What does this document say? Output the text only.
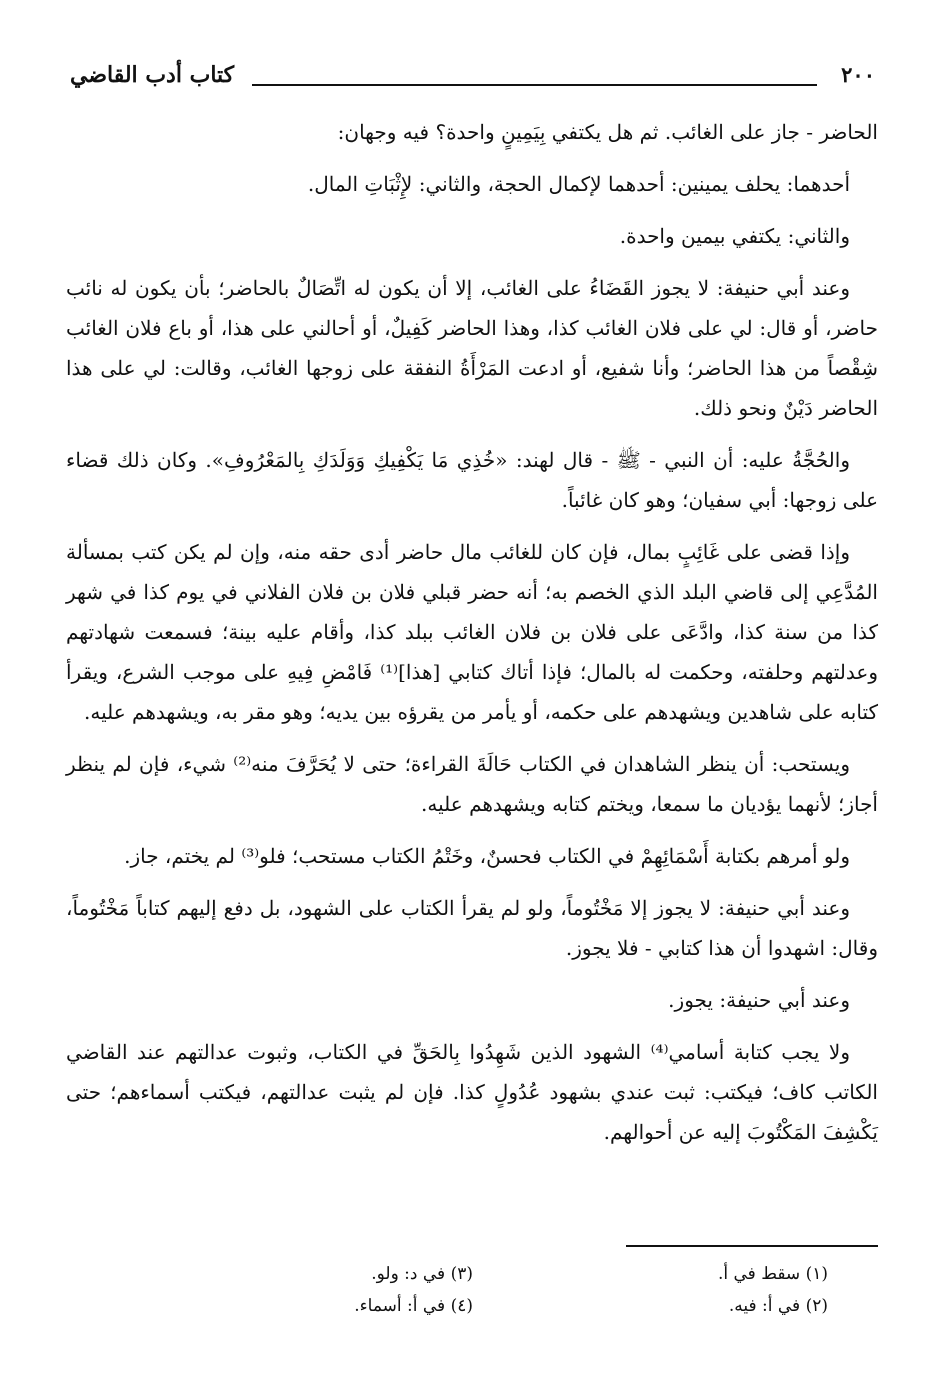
٢٠٠
كتاب أدب القاضي

الحاضر - جاز على الغائب. ثم هل يكتفي بِيَمِينٍ واحدة؟ فيه وجهان:

أحدهما: يحلف يمينين: أحدهما لإكمال الحجة، والثاني: لإِثْبَاتِ المال.

والثاني: يكتفي بيمين واحدة.

وعند أبي حنيفة: لا يجوز القَضَاءُ على الغائب، إلا أن يكون له اتِّصَالٌ بالحاضر؛ بأن يكون له نائب حاضر، أو قال: لي على فلان الغائب كذا، وهذا الحاضر كَفِيلٌ، أو أحالني على هذا، أو باع فلان الغائب شِقْصاً من هذا الحاضر؛ وأنا شفيع، أو ادعت المَرْأَةُ النفقة على زوجها الغائب، وقالت: لي على هذا الحاضر دَيْنٌ ونحو ذلك.

والحُجَّةُ عليه: أن النبي - ﷺ - قال لهند: «خُذِي مَا يَكْفِيكِ وَوَلَدَكِ بِالمَعْرُوفِ». وكان ذلك قضاء على زوجها: أبي سفيان؛ وهو كان غائباً.

وإذا قضى على غَائِبٍ بمال، فإن كان للغائب مال حاضر أدى حقه منه، وإن لم يكن كتب بمسألة المُدَّعِي إلى قاضي البلد الذي الخصم به؛ أنه حضر قبلي فلان بن فلان الفلاني في يوم كذا في شهر كذا من سنة كذا، وادَّعَى على فلان بن فلان الغائب ببلد كذا، وأقام عليه بينة؛ فسمعت شهادتهم وعدلتهم وحلفته، وحكمت له بالمال؛ فإذا أتاك كتابي [هذا]⁽¹⁾ فَامْضِ فِيهِ على موجب الشرع، ويقرأ كتابه على شاهدين ويشهدهم على حكمه، أو يأمر من يقرؤه بين يديه؛ وهو مقر به، ويشهدهم عليه.

ويستحب: أن ينظر الشاهدان في الكتاب حَالَةَ القراءة؛ حتى لا يُحَرَّفَ منه⁽²⁾ شيء، فإن لم ينظر أجاز؛ لأنهما يؤديان ما سمعا، ويختم كتابه ويشهدهم عليه.

ولو أمرهم بكتابة أَسْمَائِهِمْ في الكتاب فحسنٌ، وخَتْمُ الكتاب مستحب؛ فلو⁽³⁾ لم يختم، جاز.

وعند أبي حنيفة: لا يجوز إلا مَخْتُوماً، ولو لم يقرأ الكتاب على الشهود، بل دفع إليهم كتاباً مَخْتُوماً، وقال: اشهدوا أن هذا كتابي - فلا يجوز.

وعند أبي حنيفة: يجوز.

ولا يجب كتابة أسامي⁽⁴⁾ الشهود الذين شَهِدُوا بِالحَقِّ في الكتاب، وثبوت عدالتهم عند القاضي الكاتب كاف؛ فيكتب: ثبت عندي بشهود عُدُولٍ كذا. فإن لم يثبت عدالتهم، فيكتب أسماءهم؛ حتى يَكْشِفَ المَكْتُوبَ إليه عن أحوالهم.

(١) سقط في أ.
(٢) في أ: فيه.
(٣) في د: ولو.
(٤) في أ: أسماء.
